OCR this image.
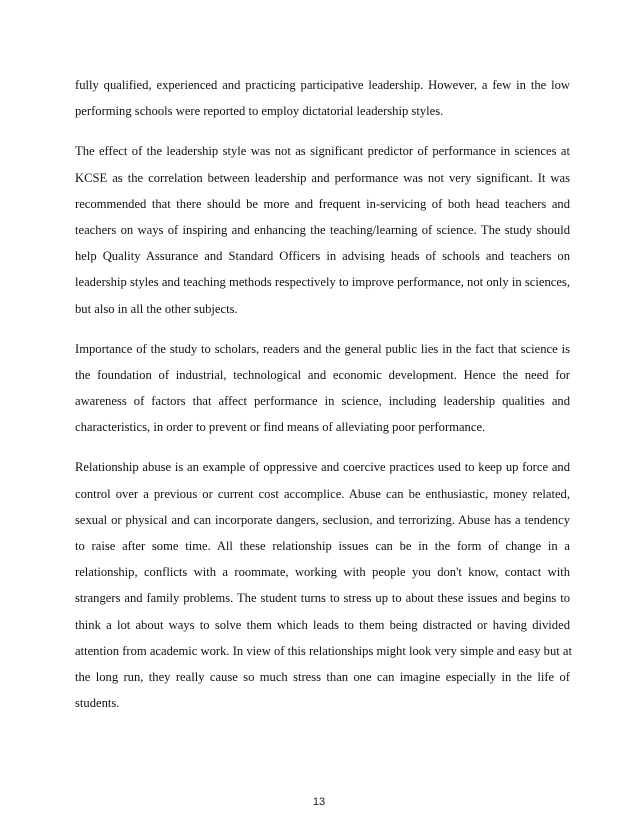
fully qualified, experienced and practicing participative leadership. However, a few in the low
performing schools were reported to employ dictatorial leadership styles.

The effect of the leadership style was not as significant predictor of performance in sciences at
KCSE as the correlation between leadership and performance was not very significant. It was
recommended that there should be more and frequent in-servicing of both head teachers and
teachers on ways of inspiring and enhancing the teaching/learning of science. The study should
help Quality Assurance and Standard Officers in advising heads of schools and teachers on
leadership styles and teaching methods respectively to improve performance, not only in sciences,
but also in all the other subjects.

Importance of the study to scholars, readers and the general public lies in the fact that science is
the foundation of industrial, technological and economic development. Hence the need for
awareness of factors that affect performance in science, including leadership qualities and
characteristics, in order to prevent or find means of alleviating poor performance.

Relationship abuse is an example of oppressive and coercive practices used to keep up force and
control over a previous or current cost accomplice. Abuse can be enthusiastic, money related,
sexual or physical and can incorporate dangers, seclusion, and terrorizing. Abuse has a tendency
to raise after some time. All these relationship issues can be in the form of change in a
relationship, conflicts with a roommate, working with people you don't know, contact with
strangers and family problems. The student turns to stress up to about these issues and begins to
think a lot about ways to solve them which leads to them being distracted or having divided
attention from academic work. In view of this relationships might look very simple and easy but at
the long run, they really cause so much stress than one can imagine especially in the life of
students.

13
